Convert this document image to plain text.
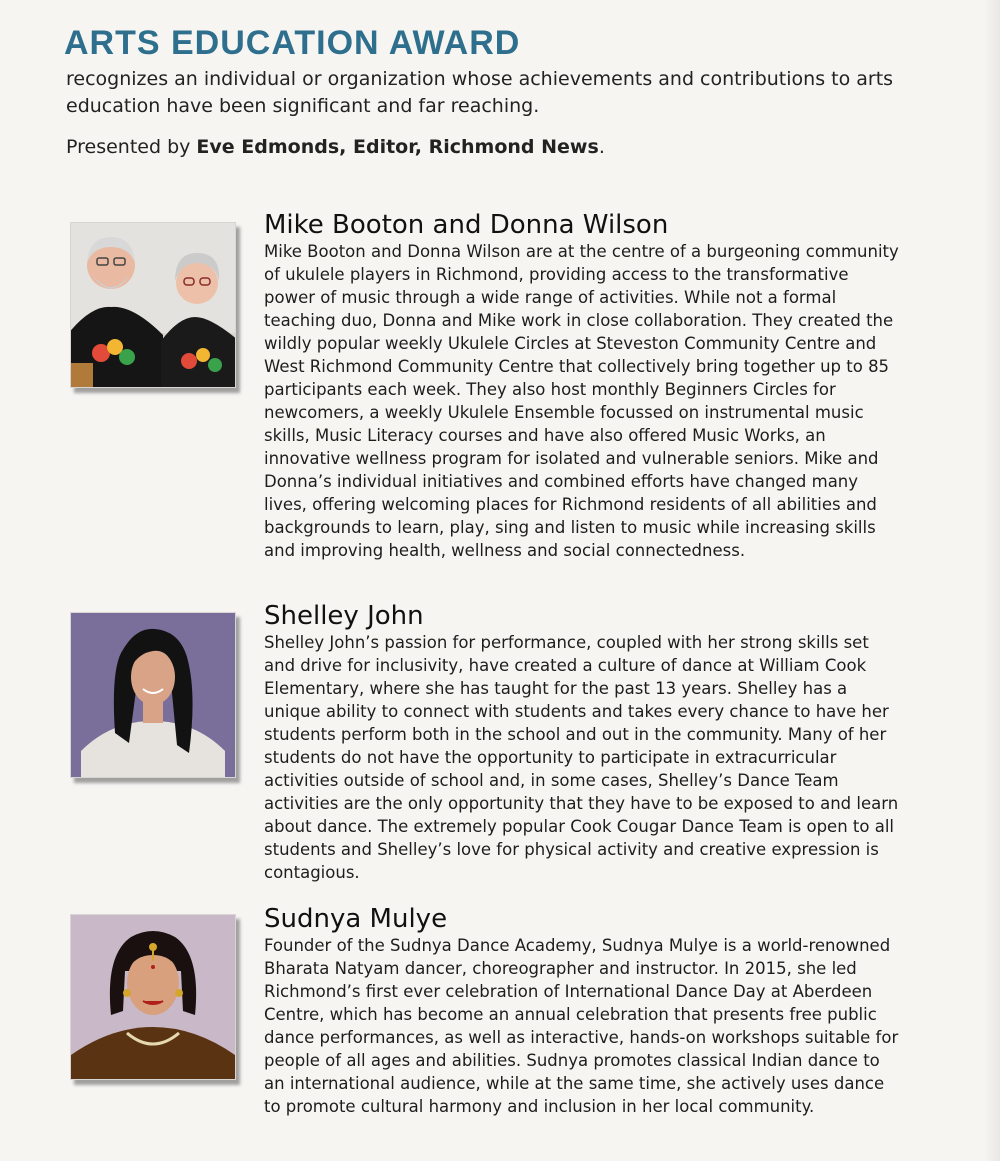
ARTS EDUCATION AWARD

recognizes an individual or organization whose achievements and contributions to arts education have been significant and far reaching.

Presented by Eve Edmonds, Editor, Richmond News.

Mike Booton and Donna Wilson

Mike Booton and Donna Wilson are at the centre of a burgeoning community of ukulele players in Richmond, providing access to the transformative power of music through a wide range of activities. While not a formal teaching duo, Donna and Mike work in close collaboration. They created the wildly popular weekly Ukulele Circles at Steveston Community Centre and West Richmond Community Centre that collectively bring together up to 85 participants each week. They also host monthly Beginners Circles for newcomers, a weekly Ukulele Ensemble focussed on instrumental music skills, Music Literacy courses and have also offered Music Works, an innovative wellness program for isolated and vulnerable seniors. Mike and Donna’s individual initiatives and combined efforts have changed many lives, offering welcoming places for Richmond residents of all abilities and backgrounds to learn, play, sing and listen to music while increasing skills and improving health, wellness and social connectedness.

Shelley John

Shelley John’s passion for performance, coupled with her strong skills set and drive for inclusivity, have created a culture of dance at William Cook Elementary, where she has taught for the past 13 years. Shelley has a unique ability to connect with students and takes every chance to have her students perform both in the school and out in the community. Many of her students do not have the opportunity to participate in extracurricular activities outside of school and, in some cases, Shelley’s Dance Team activities are the only opportunity that they have to be exposed to and learn about dance. The extremely popular Cook Cougar Dance Team is open to all students and Shelley’s love for physical activity and creative expression is contagious.

Sudnya Mulye

Founder of the Sudnya Dance Academy, Sudnya Mulye is a world-renowned Bharata Natyam dancer, choreographer and instructor. In 2015, she led Richmond’s first ever celebration of International Dance Day at Aberdeen Centre, which has become an annual celebration that presents free public dance performances, as well as interactive, hands-on workshops suitable for people of all ages and abilities. Sudnya promotes classical Indian dance to an international audience, while at the same time, she actively uses dance to promote cultural harmony and inclusion in her local community.
